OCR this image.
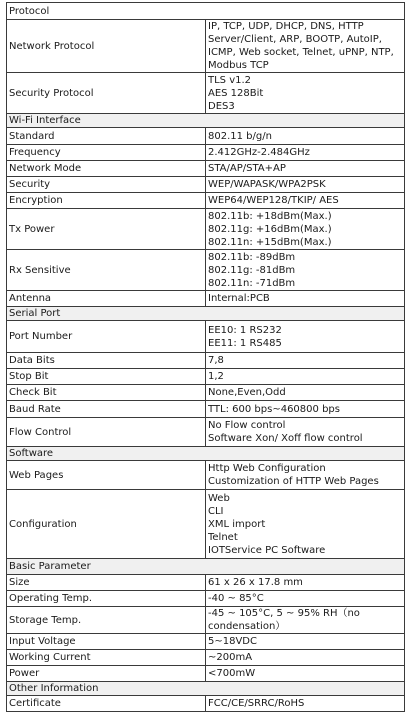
Protocol	
Network Protocol	IP, TCP, UDP, DHCP, DNS, HTTP Server/Client, ARP, BOOTP, AutoIP, ICMP, Web socket, Telnet, uPNP, NTP, Modbus TCP

Security Protocol	TLS v1.2
AES 128Bit
DES3

Wi-Fi Interface	
Standard	802.11 b/g/n

Frequency	2.412GHz-2.484GHz

Network Mode	STA/AP/STA+AP

Security	WEP/WAPASK/WPA2PSK

Encryption	WEP64/WEP128/TKIP/ AES

Tx Power	802.11b: +18dBm(Max.)
802.11g: +16dBm(Max.)
802.11n: +15dBm(Max.)

Rx Sensitive	802.11b: -89dBm
802.11g: -81dBm
802.11n: -71dBm

Antenna	Internal:PCB

Serial Port	
Port Number	EE10: 1 RS232
EE11: 1 RS485

Data Bits	7,8

Stop Bit	1,2

Check Bit	None,Even,Odd

Baud Rate	TTL: 600 bps~460800 bps

Flow Control	No Flow control
Software Xon/ Xoff flow control

Software	
Web Pages	Http Web Configuration
Customization of HTTP Web Pages

Configuration	Web
CLI
XML import
Telnet
IOTService PC Software

Basic Parameter	
Size	61 x 26 x 17.8 mm

Operating Temp.	-40 ~ 85°C

Storage Temp.	-45 ~ 105°C, 5 ~ 95% RH（no condensation）

Input Voltage	5~18VDC

Working Current	~200mA

Power	<700mW

Other Information	
Certificate	FCC/CE/SRRC/RoHS
